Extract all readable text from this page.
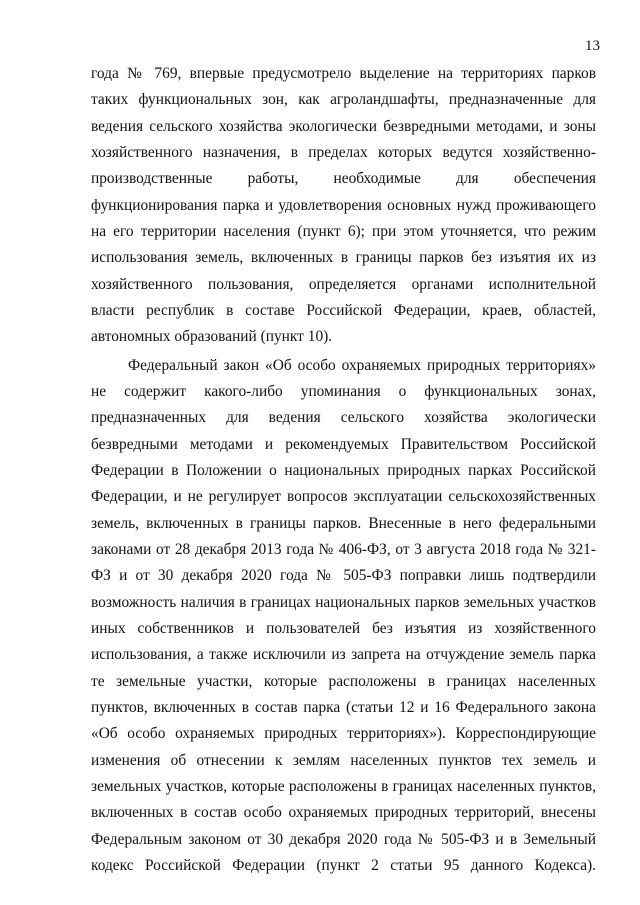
13
года № 769, впервые предусмотрело выделение на территориях парков
таких функциональных зон, как агроландшафты, предназначенные для
ведения сельского хозяйства экологически безвредными методами, и зоны
хозяйственного назначения, в пределах которых ведутся хозяйственно-
производственные работы, необходимые для обеспечения
функционирования парка и удовлетворения основных нужд проживающего
на его территории населения (пункт 6); при этом уточняется, что режим
использования земель, включенных в границы парков без изъятия их из
хозяйственного пользования, определяется органами исполнительной
власти республик в составе Российской Федерации, краев, областей,
автономных образований (пункт 10).
Федеральный закон «Об особо охраняемых природных территориях»
не содержит какого-либо упоминания о функциональных зонах,
предназначенных для ведения сельского хозяйства экологически
безвредными методами и рекомендуемых Правительством Российской
Федерации в Положении о национальных природных парках Российской
Федерации, и не регулирует вопросов эксплуатации сельскохозяйственных
земель, включенных в границы парков. Внесенные в него федеральными
законами от 28 декабря 2013 года № 406-ФЗ, от 3 августа 2018 года № 321-
ФЗ и от 30 декабря 2020 года № 505-ФЗ поправки лишь подтвердили
возможность наличия в границах национальных парков земельных участков
иных собственников и пользователей без изъятия из хозяйственного
использования, а также исключили из запрета на отчуждение земель парка
те земельные участки, которые расположены в границах населенных
пунктов, включенных в состав парка (статьи 12 и 16 Федерального закона
«Об особо охраняемых природных территориях»). Корреспондирующие
изменения об отнесении к землям населенных пунктов тех земель и
земельных участков, которые расположены в границах населенных пунктов,
включенных в состав особо охраняемых природных территорий, внесены
Федеральным законом от 30 декабря 2020 года № 505-ФЗ и в Земельный
кодекс Российской Федерации (пункт 2 статьи 95 данного Кодекса).
